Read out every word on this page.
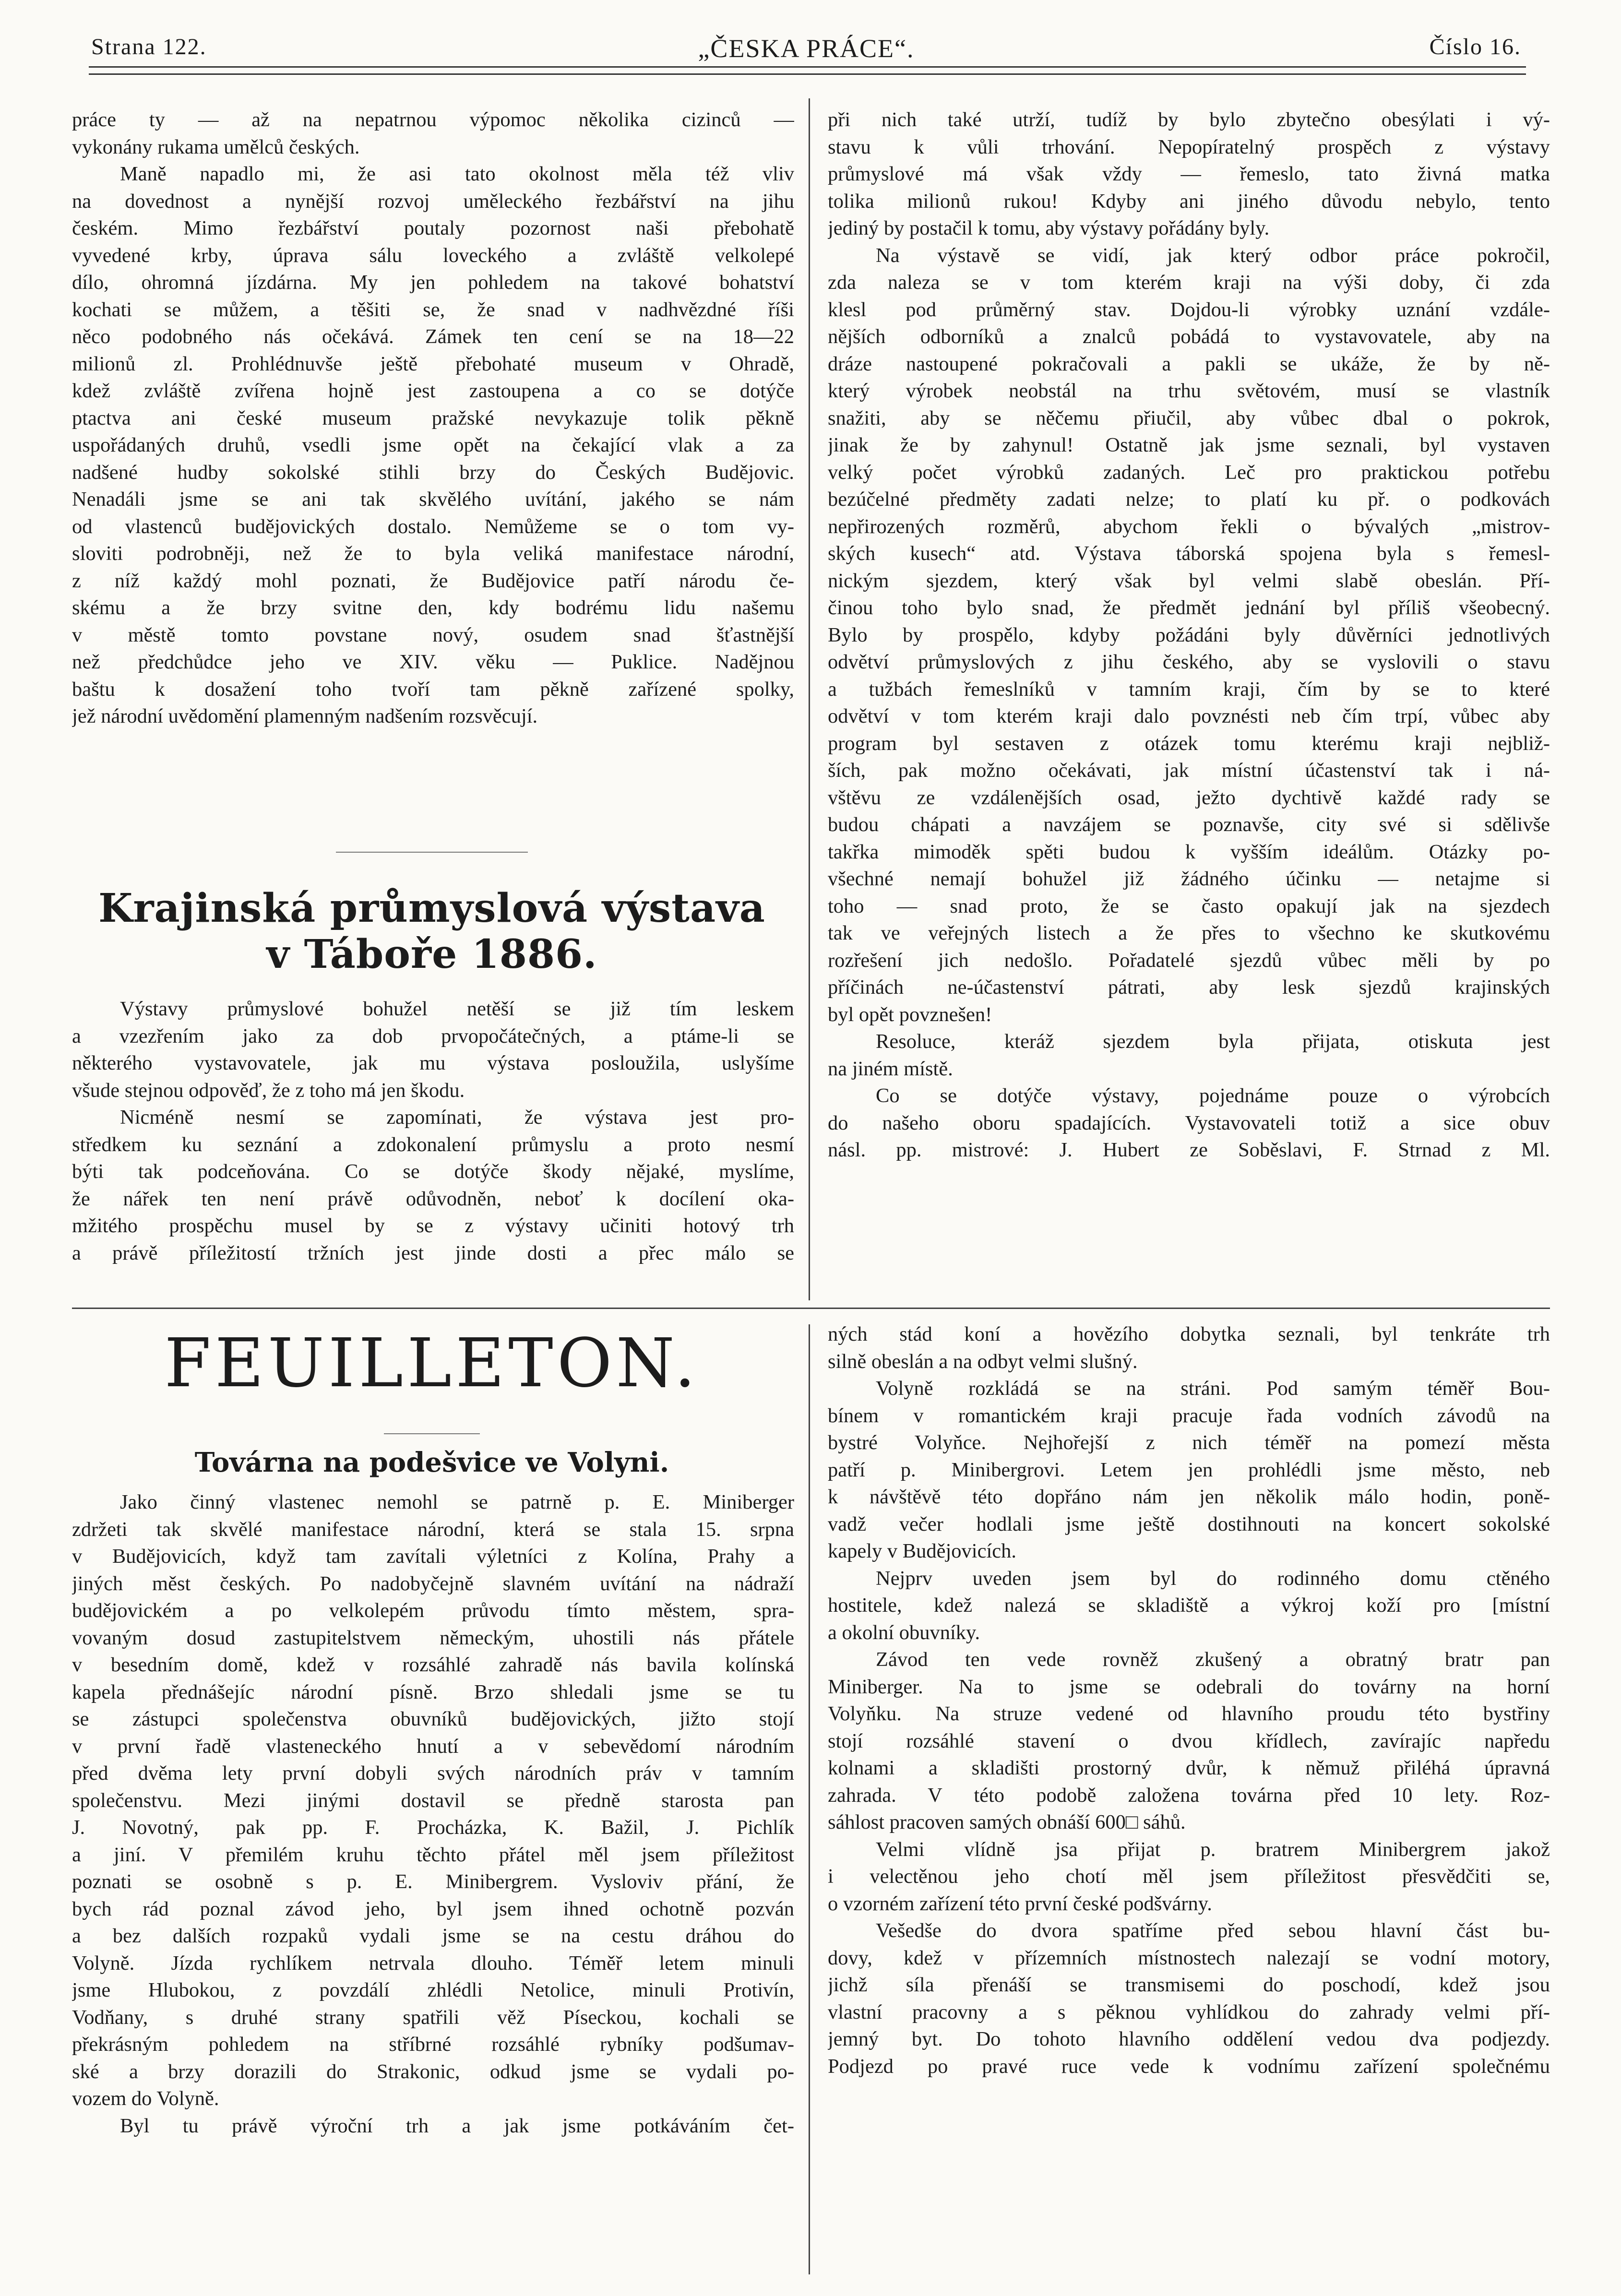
Strana 122.	„ČESKA PRÁCE“.	Číslo 16.
práce ty — až na nepatrnou výpomoc několika cizinců —
vykonány rukama umělců českých.
Maně napadlo mi, že asi tato okolnost měla též vliv
na dovednost a nynější rozvoj uměleckého řezbářství na jihu
českém. Mimo řezbářství poutaly pozornost naši přebohatě
vyvedené krby, úprava sálu loveckého a zvláště velkolepé
dílo, ohromná jízdárna. My jen pohledem na takové bohatství
kochati se můžem, a těšiti se, že snad v nadhvězdné říši
něco podobného nás očekává. Zámek ten cení se na 18—22
milionů zl. Prohlédnuvše ještě přebohaté museum v Ohradě,
kdež zvláště zvířena hojně jest zastoupena a co se dotýče
ptactva ani české museum pražské nevykazuje tolik pěkně
uspořádaných druhů, vsedli jsme opět na čekající vlak a za
nadšené hudby sokolské stihli brzy do Českých Budějovic.
Nenadáli jsme se ani tak skvělého uvítání, jakého se nám
od vlastenců budějovických dostalo. Nemůžeme se o tom vy-
sloviti podrobněji, než že to byla veliká manifestace národní,
z níž každý mohl poznati, že Budějovice patří národu če-
skému a že brzy svitne den, kdy bodrému lidu našemu
v městě tomto povstane nový, osudem snad šťastnější
než předchůdce jeho ve XIV. věku — Puklice. Nadějnou
baštu k dosažení toho tvoří tam pěkně zařízené spolky,
jež národní uvědomění plamenným nadšením rozsvěcují.
Krajinská průmyslová výstava
v Táboře 1886.
Výstavy průmyslové bohužel netěší se již tím leskem
a vzezřením jako za dob prvopočátečných, a ptáme-li se
některého vystavovatele, jak mu výstava posloužila, uslyšíme
všude stejnou odpověď, že z toho má jen škodu.
Nicméně nesmí se zapomínati, že výstava jest pro-
středkem ku seznání a zdokonalení průmyslu a proto nesmí
býti tak podceňována. Co se dotýče škody nějaké, myslíme,
že nářek ten není právě odůvodněn, neboť k docílení oka-
mžitého prospěchu musel by se z výstavy učiniti hotový trh
a právě příležitostí tržních jest jinde dosti a přec málo se
při nich také utrží, tudíž by bylo zbytečno obesýlati i vý-
stavu k vůli trhování. Nepopíratelný prospěch z výstavy
průmyslové má však vždy — řemeslo, tato živná matka
tolika milionů rukou! Kdyby ani jiného důvodu nebylo, tento
jediný by postačil k tomu, aby výstavy pořádány byly.
Na výstavě se vidí, jak který odbor práce pokročil,
zda naleza se v tom kterém kraji na výši doby, či zda
klesl pod průměrný stav. Dojdou-li výrobky uznání vzdále-
nějších odborníků a znalců pobádá to vystavovatele, aby na
dráze nastoupené pokračovali a pakli se ukáže, že by ně-
který výrobek neobstál na trhu světovém, musí se vlastník
snažiti, aby se něčemu přiučil, aby vůbec dbal o pokrok,
jinak že by zahynul! Ostatně jak jsme seznali, byl vystaven
velký počet výrobků zadaných. Leč pro praktickou potřebu
bezúčelné předměty zadati nelze; to platí ku př. o podkovách
nepřirozených rozměrů, abychom řekli o bývalých „mistrov-
ských kusech“ atd. Výstava táborská spojena byla s řemesl-
nickým sjezdem, který však byl velmi slabě obeslán. Pří-
činou toho bylo snad, že předmět jednání byl příliš všeobecný.
Bylo by prospělo, kdyby požádáni byly důvěrníci jednotlivých
odvětví průmyslových z jihu českého, aby se vyslovili o stavu
a tužbách řemeslníků v tamním kraji, čím by se to které
odvětví v tom kterém kraji dalo povznésti neb čím trpí, vůbec aby
program byl sestaven z otázek tomu kterému kraji nejbliž-
ších, pak možno očekávati, jak místní účastenství tak i ná-
vštěvu ze vzdálenějších osad, ježto dychtivě každé rady se
budou chápati a navzájem se poznavše, city své si sdělivše
takřka mimoděk spěti budou k vyšším ideálům. Otázky po-
všechné nemají bohužel již žádného účinku — netajme si
toho — snad proto, že se často opakují jak na sjezdech
tak ve veřejných listech a že přes to všechno ke skutkovému
rozřešení jich nedošlo. Pořadatelé sjezdů vůbec měli by po
příčinách ne-účastenství pátrati, aby lesk sjezdů krajinských
byl opět povznešen!
Resoluce, kteráž sjezdem byla přijata, otiskuta jest
na jiném místě.
Co se dotýče výstavy, pojednáme pouze o výrobcích
do našeho oboru spadajících. Vystavovateli totiž a sice obuv
násl. pp. mistrové: J. Hubert ze Soběslavi, F. Strnad z Ml.
FEUILLETON.
Továrna na podešvice ve Volyni.
Jako činný vlastenec nemohl se patrně p. E. Miniberger
zdržeti tak skvělé manifestace národní, která se stala 15. srpna
v Budějovicích, když tam zavítali výletníci z Kolína, Prahy a
jiných měst českých. Po nadobyčejně slavném uvítání na nádraží
budějovickém a po velkolepém průvodu tímto městem, spra-
vovaným dosud zastupitelstvem německým, uhostili nás přátele
v besedním domě, kdež v rozsáhlé zahradě nás bavila kolínská
kapela přednášejíc národní písně. Brzo shledali jsme se tu
se zástupci společenstva obuvníků budějovických, jižto stojí
v první řadě vlasteneckého hnutí a v sebevědomí národním
před dvěma lety první dobyli svých národních práv v tamním
společenstvu. Mezi jinými dostavil se předně starosta pan
J. Novotný, pak pp. F. Procházka, K. Bažil, J. Pichlík
a jiní. V přemilém kruhu těchto přátel měl jsem příležitost
poznati se osobně s p. E. Minibergrem. Vysloviv přání, že
bych rád poznal závod jeho, byl jsem ihned ochotně pozván
a bez dalších rozpaků vydali jsme se na cestu dráhou do
Volyně. Jízda rychlíkem netrvala dlouho. Téměř letem minuli
jsme Hlubokou, z povzdálí zhlédli Netolice, minuli Protivín,
Vodňany, s druhé strany spatřili věž Píseckou, kochali se
překrásným pohledem na stříbrné rozsáhlé rybníky podšumav-
ské a brzy dorazili do Strakonic, odkud jsme se vydali po-
vozem do Volyně.
Byl tu právě výroční trh a jak jsme potkáváním čet-
ných stád koní a hovězího dobytka seznali, byl tenkráte trh
silně obeslán a na odbyt velmi slušný.
Volyně rozkládá se na stráni. Pod samým téměř Bou-
bínem v romantickém kraji pracuje řada vodních závodů na
bystré Volyňce. Nejhořejší z nich téměř na pomezí města
patří p. Minibergrovi. Letem jen prohlédli jsme město, neb
k návštěvě této dopřáno nám jen několik málo hodin, poně-
vadž večer hodlali jsme ještě dostihnouti na koncert sokolské
kapely v Budějovicích.
Nejprv uveden jsem byl do rodinného domu ctěného
hostitele, kdež nalezá se skladiště a výkroj koží pro [místní
a okolní obuvníky.
Závod ten vede rovněž zkušený a obratný bratr pan
Miniberger. Na to jsme se odebrali do továrny na horní
Volyňku. Na struze vedené od hlavního proudu této bystřiny
stojí rozsáhlé stavení o dvou křídlech, zavírajíc napředu
kolnami a skladišti prostorný dvůr, k němuž přiléhá úpravná
zahrada. V této podobě založena továrna před 10 lety. Roz-
sáhlost pracoven samých obnáší 600□ sáhů.
Velmi vlídně jsa přijat p. bratrem Minibergrem jakož
i velectěnou jeho chotí měl jsem příležitost přesvědčiti se,
o vzorném zařízení této první české podšvárny.
Vešedše do dvora spatříme před sebou hlavní část bu-
dovy, kdež v přízemních místnostech nalezají se vodní motory,
jichž síla přenáší se transmisemi do poschodí, kdež jsou
vlastní pracovny a s pěknou vyhlídkou do zahrady velmi pří-
jemný byt. Do tohoto hlavního oddělení vedou dva podjezdy.
Podjezd po pravé ruce vede k vodnímu zařízení společnému
